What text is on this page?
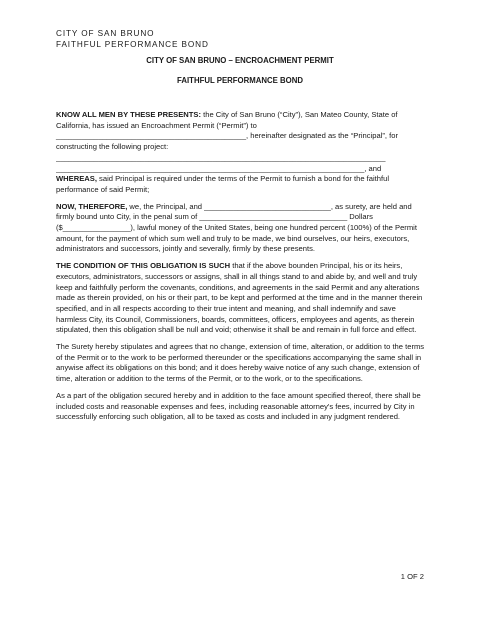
CITY OF SAN BRUNO
FAITHFUL PERFORMANCE BOND
CITY OF SAN BRUNO – ENCROACHMENT PERMIT
FAITHFUL PERFORMANCE BOND

KNOW ALL MEN BY THESE PRESENTS: the City of San Bruno (“City”), San Mateo County, State of California, has issued an Encroachment Permit (“Permit”) to _____________________________________________, hereinafter designated as the “Principal”, for constructing the following project:
______________________________________________________________________________
_________________________________________________________________________, and
WHEREAS, said Principal is required under the terms of the Permit to furnish a bond for the faithful performance of said Permit;

NOW, THEREFORE, we, the Principal, and ______________________________, as surety, are held and firmly bound unto City, in the penal sum of ___________________________________ Dollars ($________________), lawful money of the United States, being one hundred percent (100%) of the Permit amount, for the payment of which sum well and truly to be made, we bind ourselves, our heirs, executors, administrators and successors, jointly and severally, firmly by these presents.

THE CONDITION OF THIS OBLIGATION IS SUCH that if the above bounden Principal, his or its heirs, executors, administrators, successors or assigns, shall in all things stand to and abide by, and well and truly keep and faithfully perform the covenants, conditions, and agreements in the said Permit and any alterations made as therein provided, on his or their part, to be kept and performed at the time and in the manner therein specified, and in all respects according to their true intent and meaning, and shall indemnify and save harmless City, its Council, Commissioners, boards, committees, officers, employees and agents, as therein stipulated, then this obligation shall be null and void; otherwise it shall be and remain in full force and effect.

The Surety hereby stipulates and agrees that no change, extension of time, alteration, or addition to the terms of the Permit or to the work to be performed thereunder or the specifications accompanying the same shall in anywise affect its obligations on this bond; and it does hereby waive notice of any such change, extension of time, alteration or addition to the terms of the Permit, or to the work, or to the specifications.

As a part of the obligation secured hereby and in addition to the face amount specified thereof, there shall be included costs and reasonable expenses and fees, including reasonable attorney's fees, incurred by City in successfully enforcing such obligation, all to be taxed as costs and included in any judgment rendered.

1 OF 2
